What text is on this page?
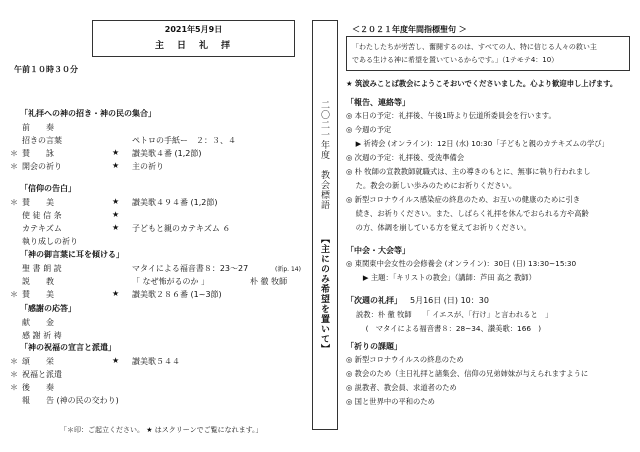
2021年5月9日
主　日　礼　拝
午前１０時３０分
「礼拝への神の招き・神の民の集合」
前　　奏
招きの言葉	ペトロの手紙ー　２：３、４
＊ 賛　　詠	★ 讃美歌４番 (1,2節)
＊ 開会の祈り	★ 主の祈り
「信仰の告白」
＊ 賛　　美	★ 讃美歌４９４番 (1,2節)
使 徒 信 条	★
カテキズム	★ 子どもと親のカテキズム ６
執り成しの祈り
「神の御言葉に耳を傾ける」
聖 書 朗 読	マタイによる福音書８：23〜27	(新p. 14)
説　　教	「 なぜ怖がるのか 」	朴 徹 牧師
＊ 賛　　美	★ 讃美歌２８６番 (1~3節)
「感謝の応答」
献　　金
感 謝 祈 祷
「神の祝福の宣言と派遣」
＊ 頌　　栄	★ 讃美歌５４４
＊ 祝福と派遣
＊ 後　　奏
報　　告 (神の民の交わり)
「＊印：ご起立ください。 ★ はスクリーンでご覧になれます。」
二〇二一年度　教会標語
【主にのみ希望を置いて】
＜２０２１年度年間指標聖句 ＞
「わたしたちが労苦し、奮闘するのは、すべての人、特に信じる人々の救い主
である生ける神に希望を置いているからです。」（1テモテ4：10）
★ 筑波みことば教会にようこそおいでくださいました。心より歓迎申し上げます。
「報告、連絡等」
◎ 本日の予定：礼拝後、午後1時より伝道所委員会を行います。
◎ 今週の予定
　 ▶ 祈祷会 (オンライン)：12日 (水) 10:30「子どもと親のカテキズムの学び」
◎ 次週の予定：礼拝後、受洗準備会
◎ 朴 牧師の宣教教師就職式は、主の導きのもとに、無事に執り行われまし
　 た。教会の新しい歩みのためにお祈りください。
◎ 新型コロナウイルス感染症の終息のため、お互いの健康のために引き
　 続き、お祈りください。また、しばらく礼拝を休んでおられる方や高齢
　 の方、体調を崩している方を覚えてお祈りください。
「中会・大会等」
◎ 東関東中会女性の会修養会 (オンライン)：30日 (日) 13:30~15:30
　　 ▶ 主題：「キリストの教会」（講師：芦田 高之 教師）
「次週の礼拝」 5月16日 (日) 10：30
説教：朴 徹 牧師　　「 イエスが、「行け」と言われると　」
　 (　マタイによる福音書８：28~34、讃美歌：166　)
「祈りの課題」
◎ 新型コロナウイルスの終息のため
◎ 教会のため（主日礼拝と諸集会、信仰の兄弟姉妹が与えられますように
◎ 説教者、教会員、求道者のため
◎ 国と世界中の平和のため
